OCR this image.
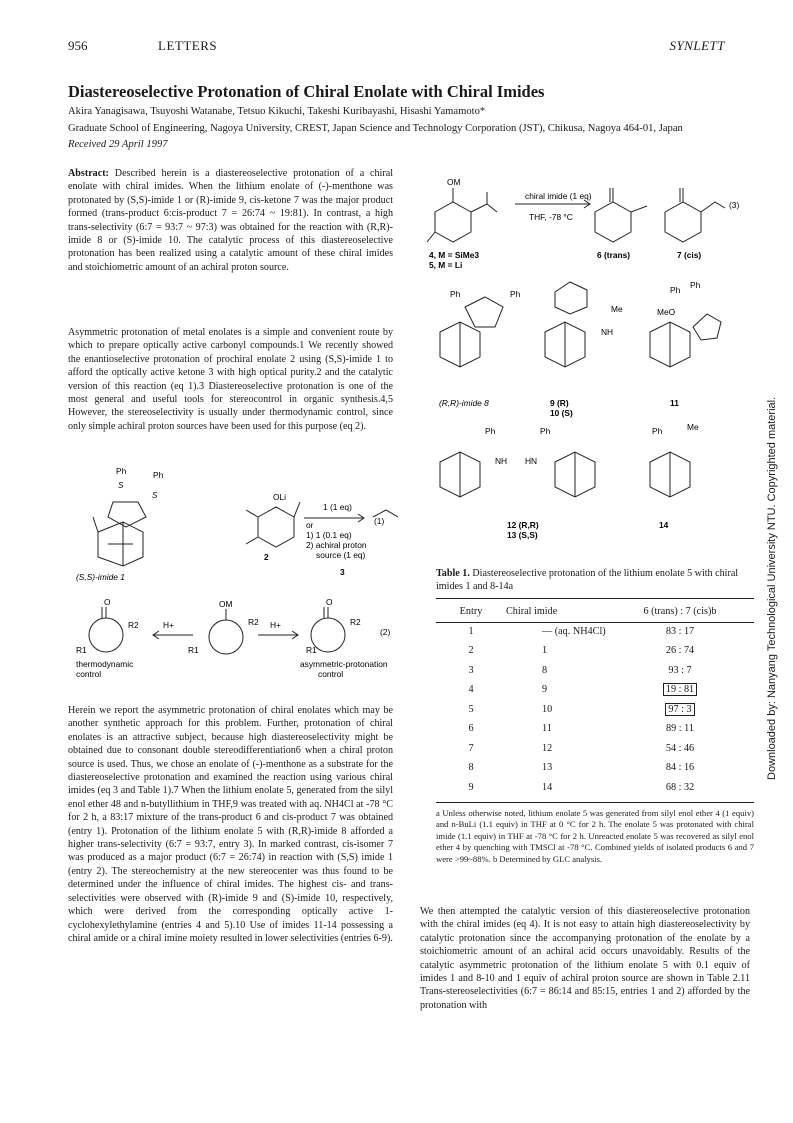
956	LETTERS	SYNLETT
Diastereoselective Protonation of Chiral Enolate with Chiral Imides
Akira Yanagisawa, Tsuyoshi Watanabe, Tetsuo Kikuchi, Takeshi Kuribayashi, Hisashi Yamamoto*
Graduate School of Engineering, Nagoya University, CREST, Japan Science and Technology Corporation (JST), Chikusa, Nagoya 464-01, Japan
Received 29 April 1997

Abstract: Described herein is a diastereoselective protonation of a chiral enolate with chiral imides. When the lithium enolate of (-)-menthone was protonated by (S,S)-imide 1 or (R)-imide 9, cis-ketone 7 was the major product formed (trans-product 6:cis-product 7 = 26:74 ~ 19:81). In contrast, a high trans-selectivity (6:7 = 93:7 ~ 97:3) was obtained for the reaction with (R,R)-imide 8 or (S)-imide 10. The catalytic process of this diastereoselective protonation has been realized using a catalytic amount of these chiral imides and stoichiometric amount of an achiral proton source.

Asymmetric protonation of metal enolates is a simple and convenient route by which to prepare optically active carbonyl compounds.1 We recently showed the enantioselective protonation of prochiral enolate 2 using (S,S)-imide 1 to afford the optically active ketone 3 with high optical purity.2 and the catalytic version of this reaction (eq 1).3 Diastereoselective protonation is one of the most general and useful tools for stereocontrol in organic synthesis.4,5 However, the stereoselectivity is usually under thermodynamic control, since only simple achiral proton sources have been used for this purpose (eq 2).

Ph	Ph
S
S	OLi
1 (1 eq)
or
1) 1 (0.1 eq)
2) achiral proton
source (1 eq)
2
3
(1)
(S,S)-imide 1
O	OM	O
H+	H+
R2	R2	R2
R1	R1	R1
(2)
thermodynamic
control
asymmetric-protonation
control

Herein we report the asymmetric protonation of chiral enolates which may be another synthetic approach for this problem. Further, protonation of chiral enolates is an attractive subject, because high diastereoselectivity might be obtained due to consonant double stereodifferentiation6 when a chiral proton source is used. Thus, we chose an enolate of (-)-menthone as a substrate for the diastereoselective protonation and examined the reaction using various chiral imides (eq 3 and Table 1).7 When the lithium enolate 5, generated from the silyl enol ether 48 and n-butyllithium in THF,9 was treated with aq. NH4Cl at -78 °C for 2 h, a 83:17 mixture of the trans-product 6 and cis-product 7 was obtained (entry 1). Protonation of the lithium enolate 5 with (R,R)-imide 8 afforded a higher trans-selectivity (6:7 = 93:7, entry 3). In marked contrast, cis-isomer 7 was produced as a major product (6:7 = 26:74) in reaction with (S,S) imide 1 (entry 2). The stereochemistry at the new stereocenter was thus found to be determined under the influence of chiral imides. The highest cis- and trans-selectivities were observed with (R)-imide 9 and (S)-imide 10, respectively, which were derived from the corresponding optically active 1-cyclohexylethylamine (entries 4 and 5).10 Use of imides 11-14 possessing a chiral amide or a chiral imine moiety resulted in lower selectivities (entries 6-9).

OM
chiral imide (1 eq)
THF, -78 °C
(3)
4, M = SiMe3
5, M = Li
6 (trans)	7 (cis)
Ph	Ph
Me
NH
Ph Ph
MeO
(R,R)-imide 8	9 (R)
10 (S)
11
Ph	Ph
NH HN
Ph	Me
12 (R,R)
13 (S,S)
14
Table 1. Diastereoselective protonation of the lithium enolate 5 with chiral imides 1 and 8-14a
Entry	Chiral imide	6 (trans) : 7 (cis)b
1	— (aq. NH4Cl)	83 : 17
2	1	26 : 74
3	8	93 : 7
4	9	19 : 81
5	10	97 : 3
6	11	89 : 11
7	12	54 : 46
8	13	84 : 16
9	14	68 : 32
a Unless otherwise noted, lithium enolate 5 was generated from silyl enol ether 4 (1 equiv) and n-BuLi (1.1 equiv) in THF at 0 °C for 2 h. The enolate 5 was protonated with chiral imide (1.1 equiv) in THF at -78 °C for 2 h. Unreacted enolate 5 was recovered as silyl enol ether 4 by quenching with TMSCl at -78 °C. Combined yields of isolated products 6 and 7 were >99~88%. b Determined by GLC analysis.

We then attempted the catalytic version of this diastereoselective protonation with the chiral imides (eq 4). It is not easy to attain high diastereoselectivity by catalytic protonation since the accompanying protonation of the enolate by a stoichiometric amount of an achiral acid occurs unavoidably. Results of the catalytic asymmetric protonation of the lithium enolate 5 with 0.1 equiv of imides 1 and 8-10 and 1 equiv of achiral proton source are shown in Table 2.11 Trans-stereoselectivities (6:7 = 86:14 and 85:15, entries 1 and 2) afforded by the protonation with

Downloaded by: Nanyang Technological University NTU. Copyrighted material.
